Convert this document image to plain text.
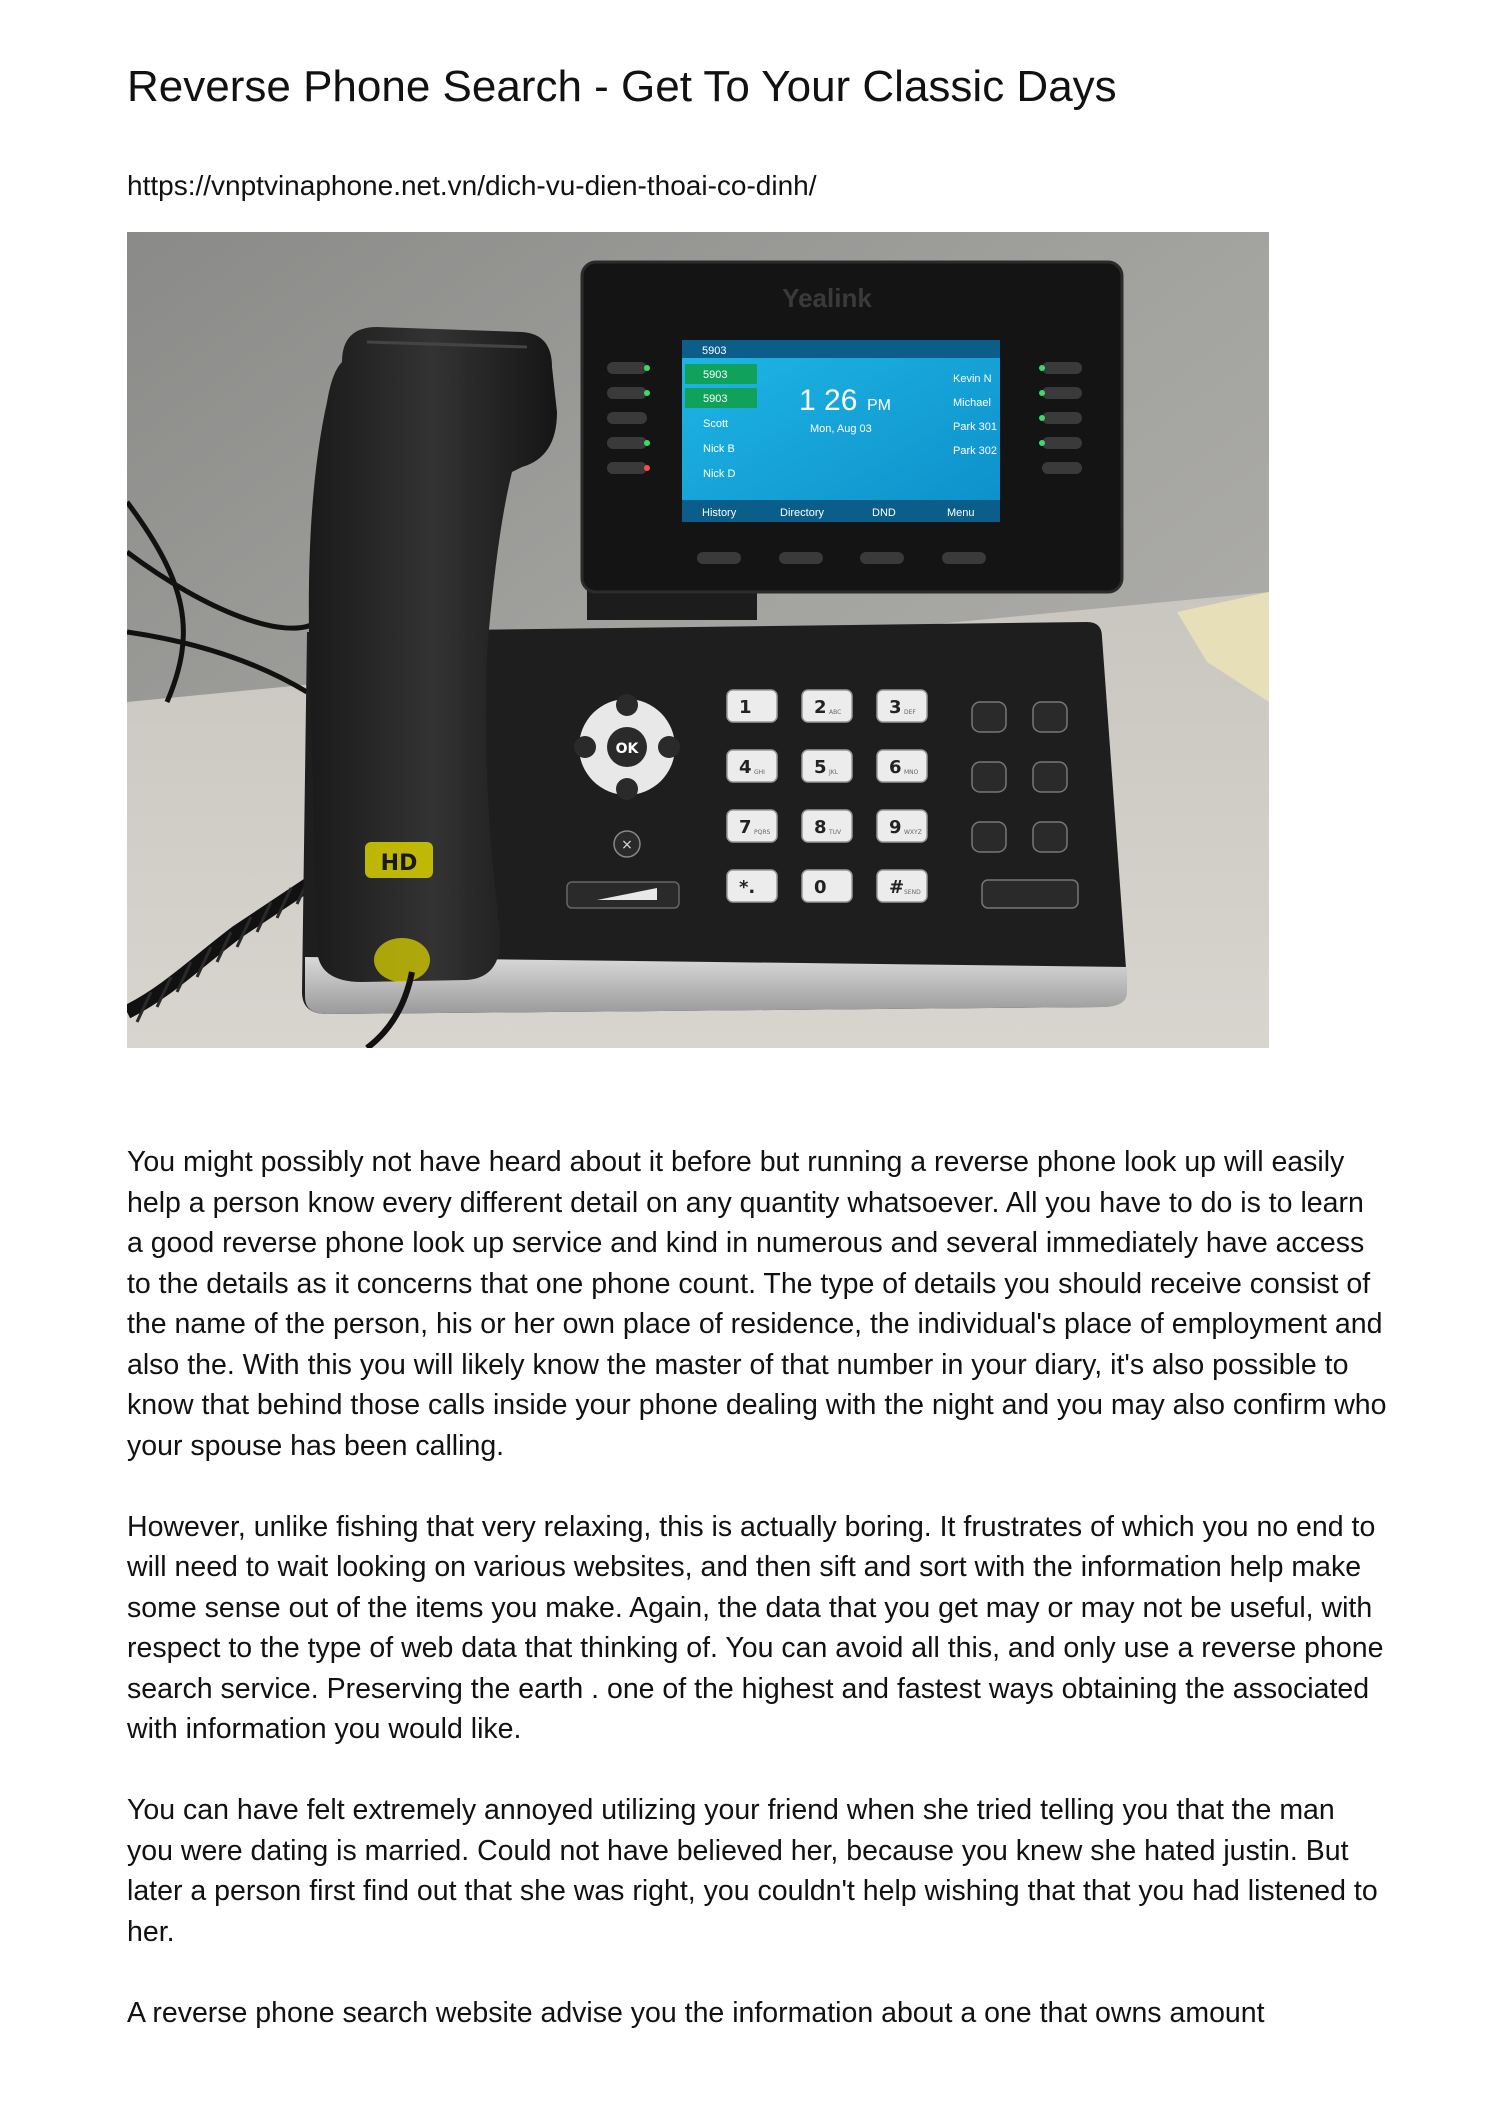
Reverse Phone Search - Get To Your Classic Days
https://vnptvinaphone.net.vn/dich-vu-dien-thoai-co-dinh/
Yealink
5903
5903
5903
Scott
Nick B
Nick D
1 26 PM
Mon, Aug 03
Kevin N
Michael
Park 301
Park 302
History	Directory	DND	Menu
OK
×
1	2 ABC	3 DEF
4 GHI	5 JKL	6 MNO
7 PQRS 8 TUV	9 WXYZ
*.	0	# SEND
HD

You might possibly not have heard about it before but running a reverse phone look up will easily help a person know every different detail on any quantity whatsoever. All you have to do is to learn a good reverse phone look up service and kind in numerous and several immediately have access to the details as it concerns that one phone count. The type of details you should receive consist of the name of the person, his or her own place of residence, the individual's place of employment and also the. With this you will likely know the master of that number in your diary, it's also possible to know that behind those calls inside your phone dealing with the night and you may also confirm who your spouse has been calling.

However, unlike fishing that very relaxing, this is actually boring. It frustrates of which you no end to will need to wait looking on various websites, and then sift and sort with the information help make some sense out of the items you make. Again, the data that you get may or may not be useful, with respect to the type of web data that thinking of. You can avoid all this, and only use a reverse phone search service. Preserving the earth . one of the highest and fastest ways obtaining the associated with information you would like.

You can have felt extremely annoyed utilizing your friend when she tried telling you that the man you were dating is married. Could not have believed her, because you knew she hated justin. But later a person first find out that she was right, you couldn't help wishing that that you had listened to her.

A reverse phone search website advise you the information about a one that owns amount
